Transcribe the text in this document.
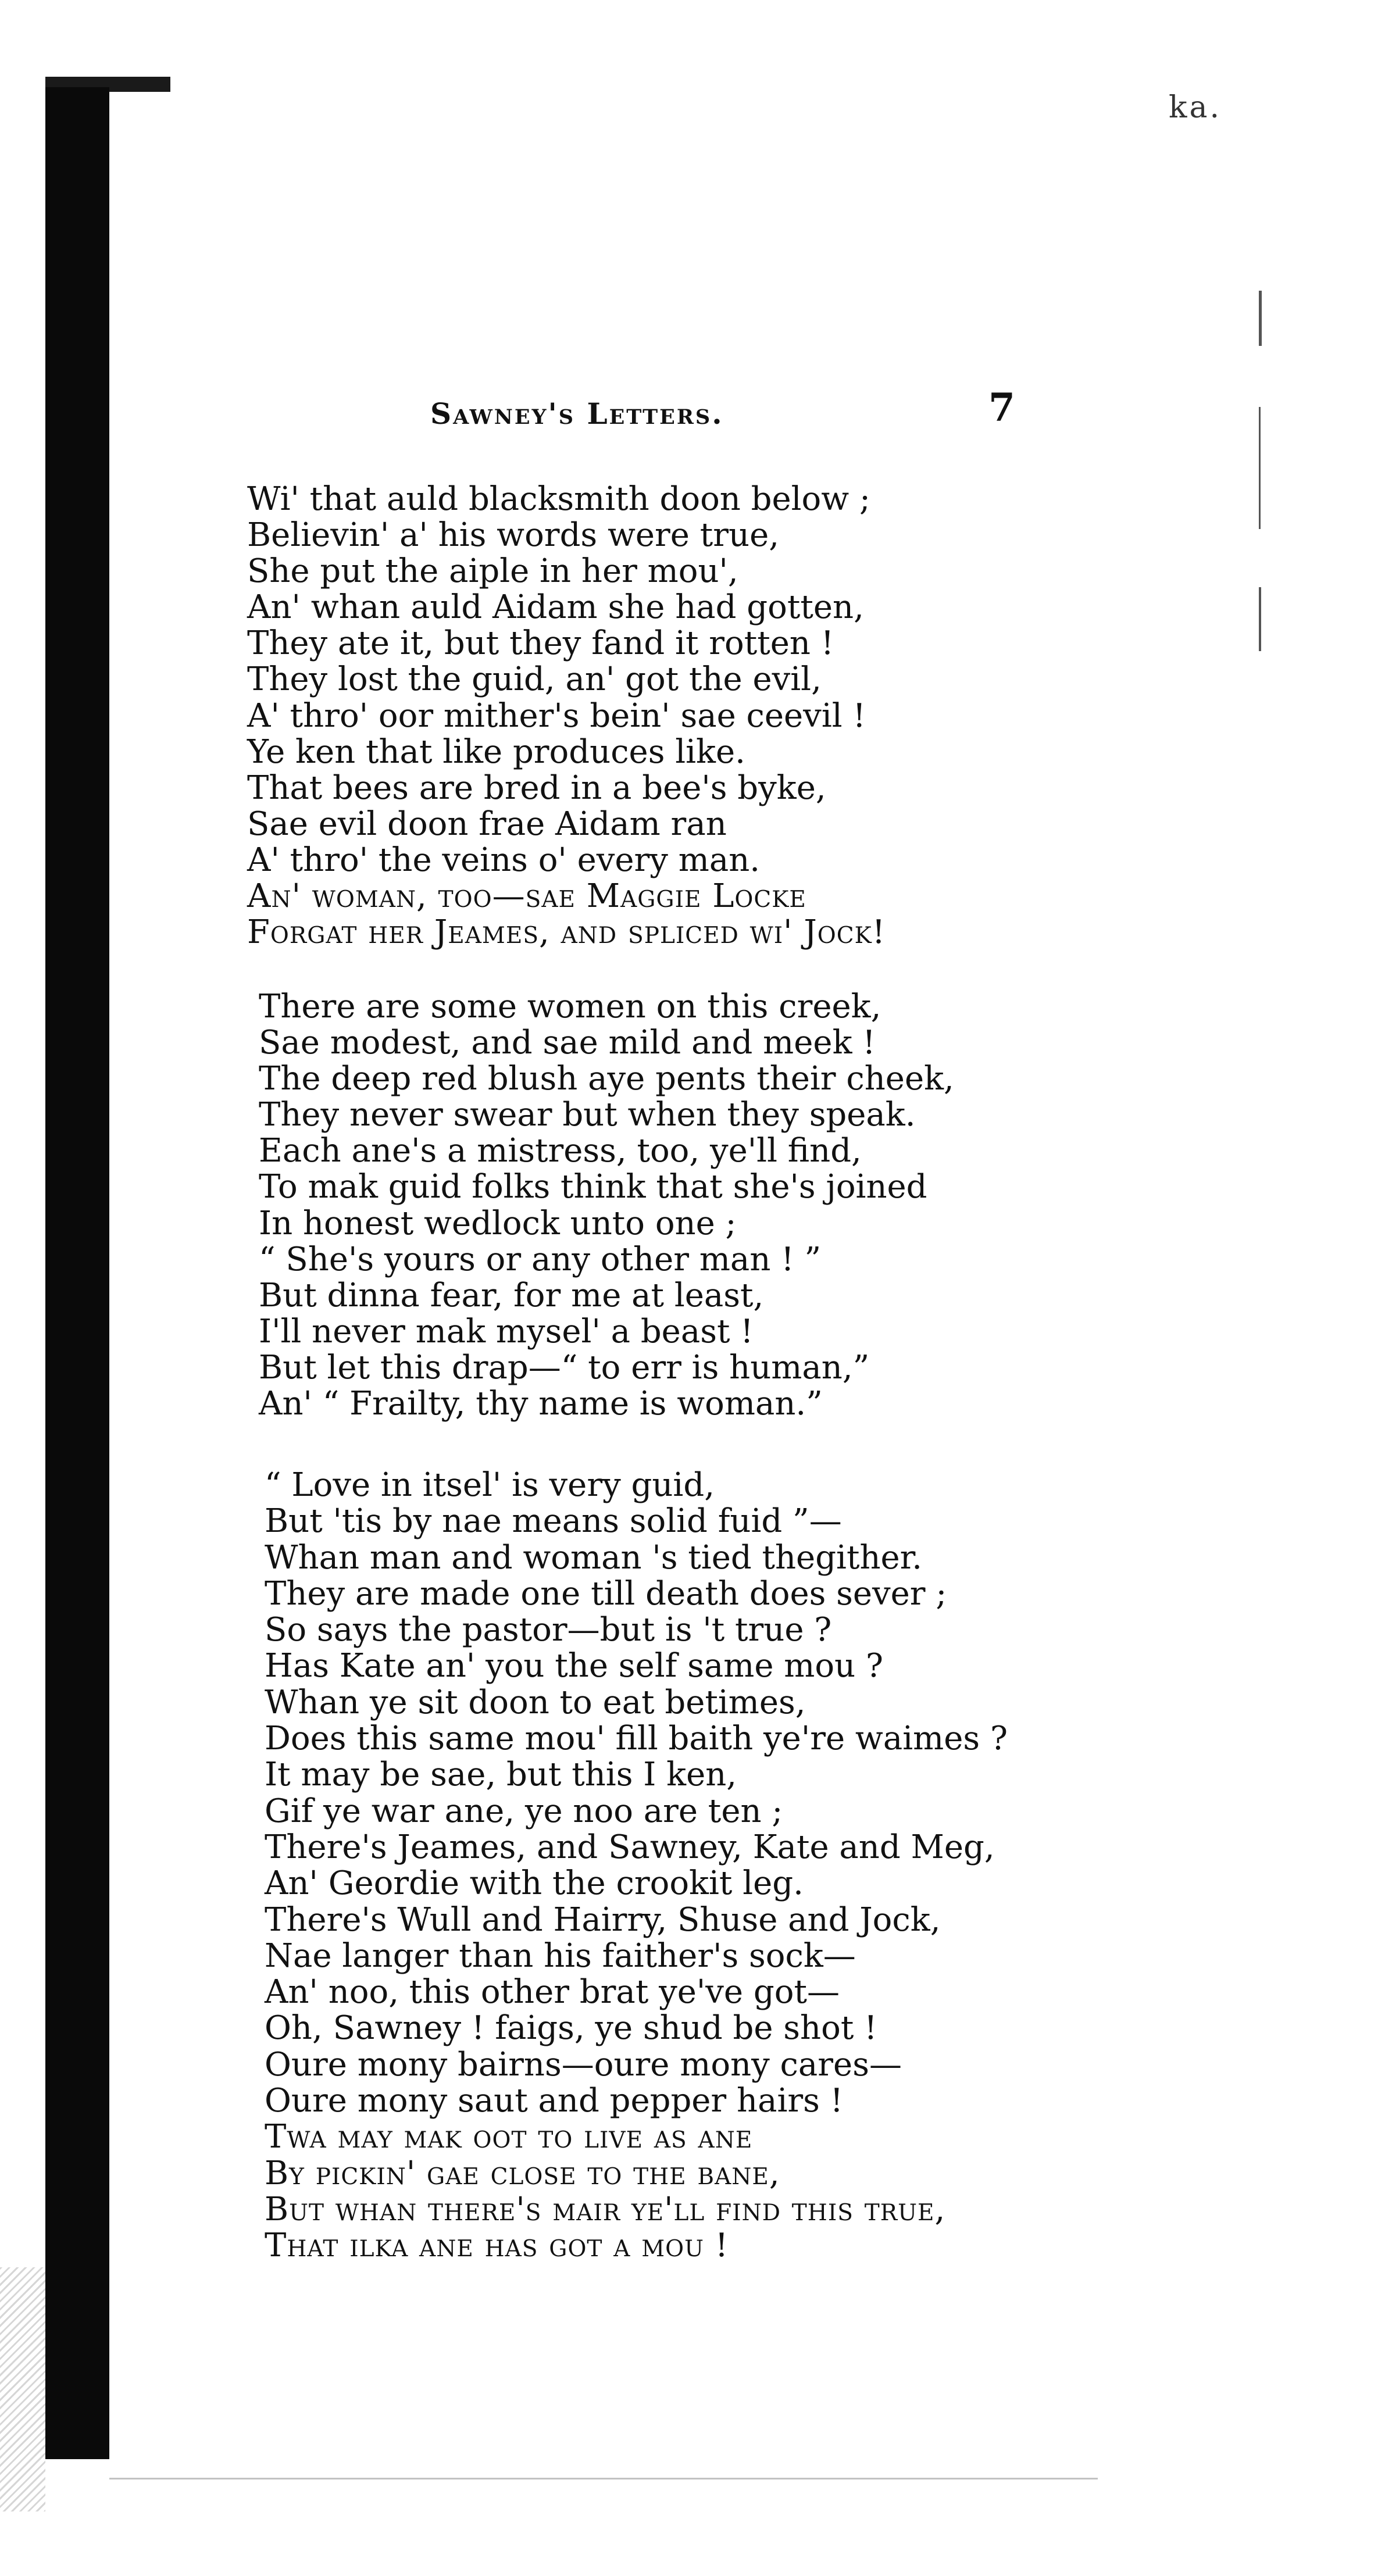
ka.
Sawney's Letters.	7
Wi' that auld blacksmith doon below ;
Believin' a' his words were true,
She put the aiple in her mou',
An' whan auld Aidam she had gotten,
They ate it, but they fand it rotten !
They lost the guid, an' got the evil,
A' thro' oor mither's bein' sae ceevil !
Ye ken that like produces like.
That bees are bred in a bee's byke,
Sae evil doon frae Aidam ran
A' thro' the veins o' every man.
An' woman, too—sae Maggie Locke
Forgat her Jeames, and spliced wi' Jock!
There are some women on this creek,
Sae modest, and sae mild and meek !
The deep red blush aye pents their cheek,
They never swear but when they speak.
Each ane's a mistress, too, ye'll find,
To mak guid folks think that she's joined
In honest wedlock unto one ;
“ She's yours or any other man ! ”
But dinna fear, for me at least,
I'll never mak mysel' a beast !
But let this drap—“ to err is human,”
An' “ Frailty, thy name is woman.”
“ Love in itsel' is very guid,
But 'tis by nae means solid fuid ”—
Whan man and woman 's tied thegither.
They are made one till death does sever ;
So says the pastor—but is 't true ?
Has Kate an' you the self same mou ?
Whan ye sit doon to eat betimes,
Does this same mou' fill baith ye're waimes ?
It may be sae, but this I ken,
Gif ye war ane, ye noo are ten ;
There's Jeames, and Sawney, Kate and Meg,
An' Geordie with the crookit leg.
There's Wull and Hairry, Shuse and Jock,
Nae langer than his faither's sock—
An' noo, this other brat ye've got—
Oh, Sawney ! faigs, ye shud be shot !
Oure mony bairns—oure mony cares—
Oure mony saut and pepper hairs !
Twa may mak oot to live as ane
By pickin' gae close to the bane,
But whan there's mair ye'll find this true,
That ilka ane has got a mou !
